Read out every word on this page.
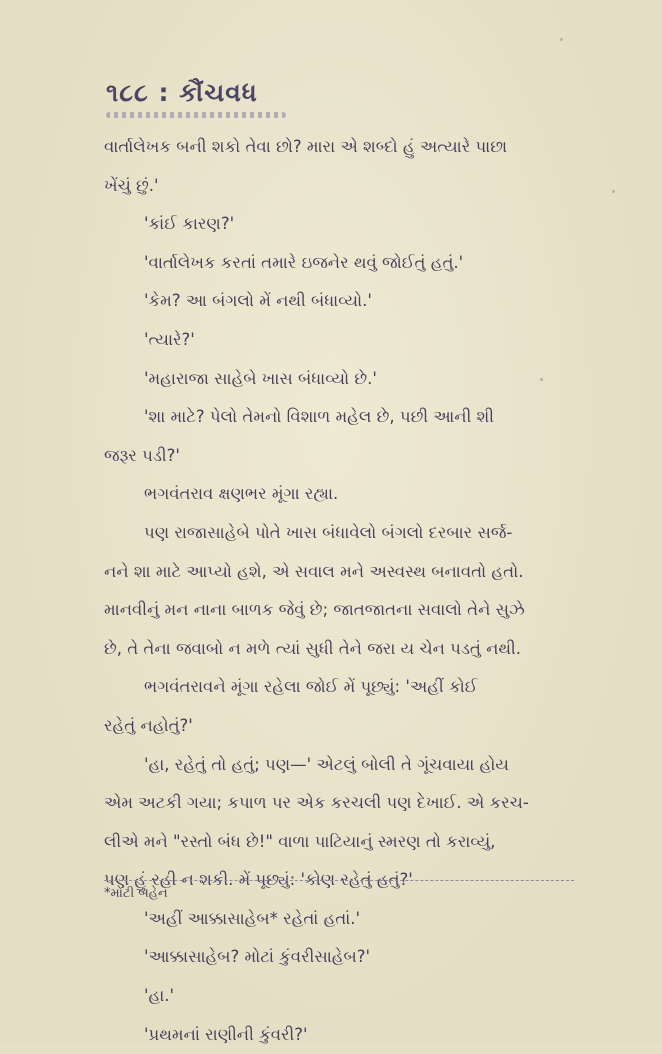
૧૮૮ : કૌંચવધ
વાર્તાલેખક બની શકો તેવા છો? મારા એ શબ્દો હું અત્યારે પાછા
ખેંચું છું.'
'કાંઈ કારણ?'
'વાર્તાલેખક કરતાં તમારે ઇજનેર થવું જોઈતું હતું.'
'કેમ? આ બંગલો મેં નથી બંધાવ્યો.'
'ત્યારે?'
'મહારાજા સાહેબે ખાસ બંધાવ્યો છે.'
'શા માટે? પેલો તેમનો વિશાળ મહેલ છે, પછી આની શી
જરૂર પડી?'
ભગવંતરાવ ક્ષણભર મૂંગા રહ્યા.
પણ રાજાસાહેબે પોતે ખાસ બંધાવેલો બંગલો દરબાર સર્જ-
નને શા માટે આપ્યો હશે, એ સવાલ મને અસ્વસ્થ બનાવતો હતો.
માનવીનું મન નાના બાળક જેવું છે; જાતજાતના સવાલો તેને સુઝે
છે, તે તેના જવાબો ન મળે ત્યાં સુધી તેને જરા ય ચેન પડતું નથી.
ભગવંતરાવને મૂંગા રહેલા જોઈ મેં પૂછ્યું: 'અહીં કોઈ
રહેતું નહોતું?'
'હા, રહેતું તો હતું; પણ—' એટલું બોલી તે ગૂંચવાયા હોય
એમ અટકી ગયા; કપાળ પર એક કરચલી પણ દેખાઈ. એ કરચ-
લીએ મને "રસ્તો બંધ છે!" વાળા પાટિયાનું સ્મરણ તો કરાવ્યું,
પણ હું રહી ન શકી. મેં પૂછ્યું: 'કોણ રહેતું હતું?'
'અહીં આક્કાસાહેબ* રહેતાં હતાં.'
'આક્કાસાહેબ? મોટાં કુંવરીસાહેબ?'
'હા.'
'પ્રથમનાં રાણીની કુંવરી?'
*મોટી બહેન
